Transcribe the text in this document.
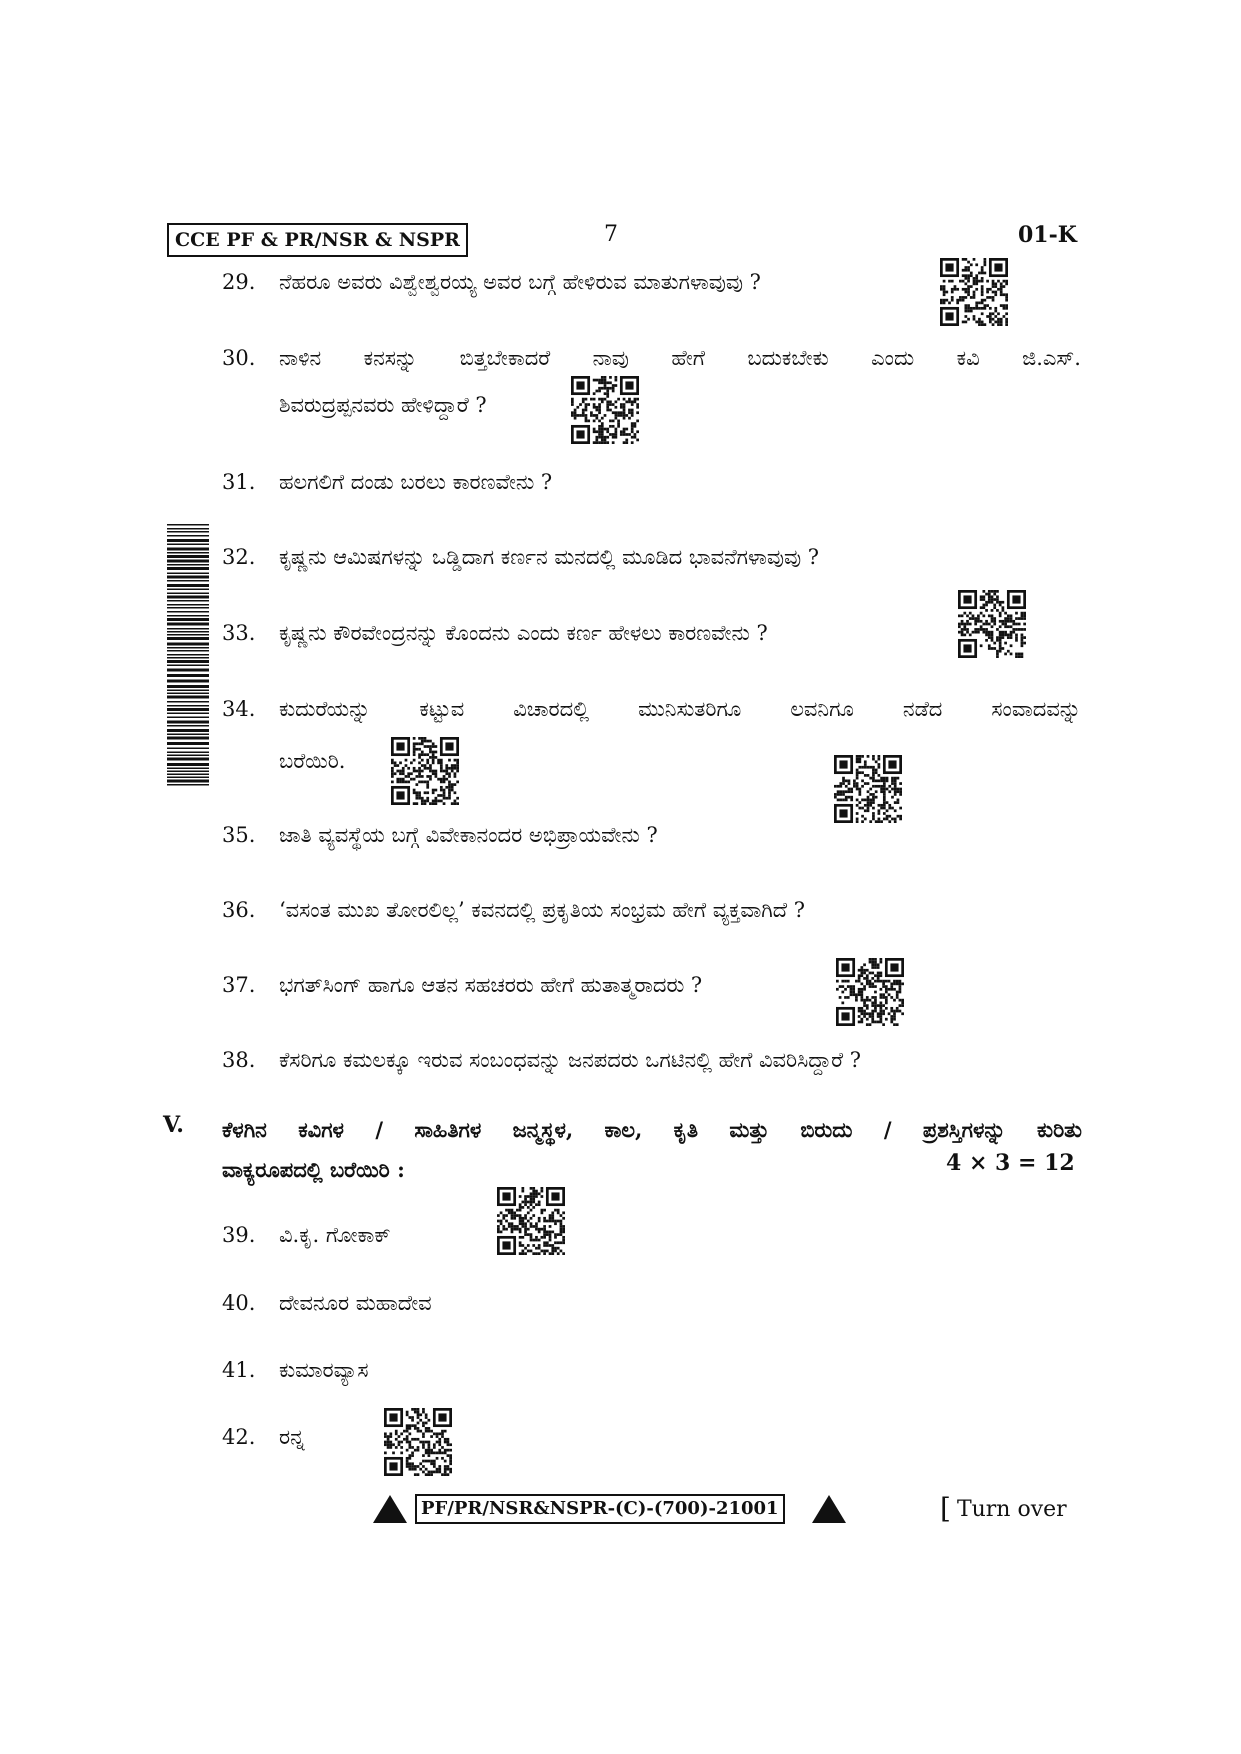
CCE PF & PR/NSR & NSPR	7	01-K
29. ನೆಹರೂ ಅವರು ವಿಶ್ವೇಶ್ವರಯ್ಯ ಅವರ ಬಗ್ಗೆ ಹೇಳಿರುವ ಮಾತುಗಳಾವುವು ?
30. ನಾಳಿನ ಕನಸನ್ನು ಬಿತ್ತಬೇಕಾದರೆ ನಾವು ಹೇಗೆ ಬದುಕಬೇಕು ಎಂದು ಕವಿ ಜಿ.ಎಸ್.
ಶಿವರುದ್ರಪ್ಪನವರು ಹೇಳಿದ್ದಾರೆ ?
31. ಹಲಗಲಿಗೆ ದಂಡು ಬರಲು ಕಾರಣವೇನು ?
32. ಕೃಷ್ಣನು ಆಮಿಷಗಳನ್ನು ಒಡ್ಡಿದಾಗ ಕರ್ಣನ ಮನದಲ್ಲಿ ಮೂಡಿದ ಭಾವನೆಗಳಾವುವು ?
33. ಕೃಷ್ಣನು ಕೌರವೇಂದ್ರನನ್ನು ಕೊಂದನು ಎಂದು ಕರ್ಣ ಹೇಳಲು ಕಾರಣವೇನು ?
34. ಕುದುರೆಯನ್ನು ಕಟ್ಟುವ ವಿಚಾರದಲ್ಲಿ ಮುನಿಸುತರಿಗೂ ಲವನಿಗೂ ನಡೆದ ಸಂವಾದವನ್ನು
ಬರೆಯಿರಿ.
35. ಜಾತಿ ವ್ಯವಸ್ಥೆಯ ಬಗ್ಗೆ ವಿವೇಕಾನಂದರ ಅಭಿಪ್ರಾಯವೇನು ?
36. ‘ವಸಂತ ಮುಖ ತೋರಲಿಲ್ಲ’ ಕವನದಲ್ಲಿ ಪ್ರಕೃತಿಯ ಸಂಭ್ರಮ ಹೇಗೆ ವ್ಯಕ್ತವಾಗಿದೆ ?
37. ಭಗತ್‌ಸಿಂಗ್ ಹಾಗೂ ಆತನ ಸಹಚರರು ಹೇಗೆ ಹುತಾತ್ಮರಾದರು ?
38. ಕೆಸರಿಗೂ ಕಮಲಕ್ಕೂ ಇರುವ ಸಂಬಂಧವನ್ನು ಜನಪದರು ಒಗಟಿನಲ್ಲಿ ಹೇಗೆ ವಿವರಿಸಿದ್ದಾರೆ ?
V. ಕೆಳಗಿನ ಕವಿಗಳ / ಸಾಹಿತಿಗಳ ಜನ್ಮಸ್ಥಳ, ಕಾಲ, ಕೃತಿ ಮತ್ತು ಬಿರುದು / ಪ್ರಶಸ್ತಿಗಳನ್ನು ಕುರಿತು
ವಾಕ್ಯರೂಪದಲ್ಲಿ ಬರೆಯಿರಿ :	4 × 3 = 12
39. ವಿ.ಕೃ. ಗೋಕಾಕ್
40. ದೇವನೂರ ಮಹಾದೇವ
41. ಕುಮಾರವ್ಯಾಸ
42. ರನ್ನ
PF/PR/NSR&NSPR-(C)-(700)-21001	[ Turn over
